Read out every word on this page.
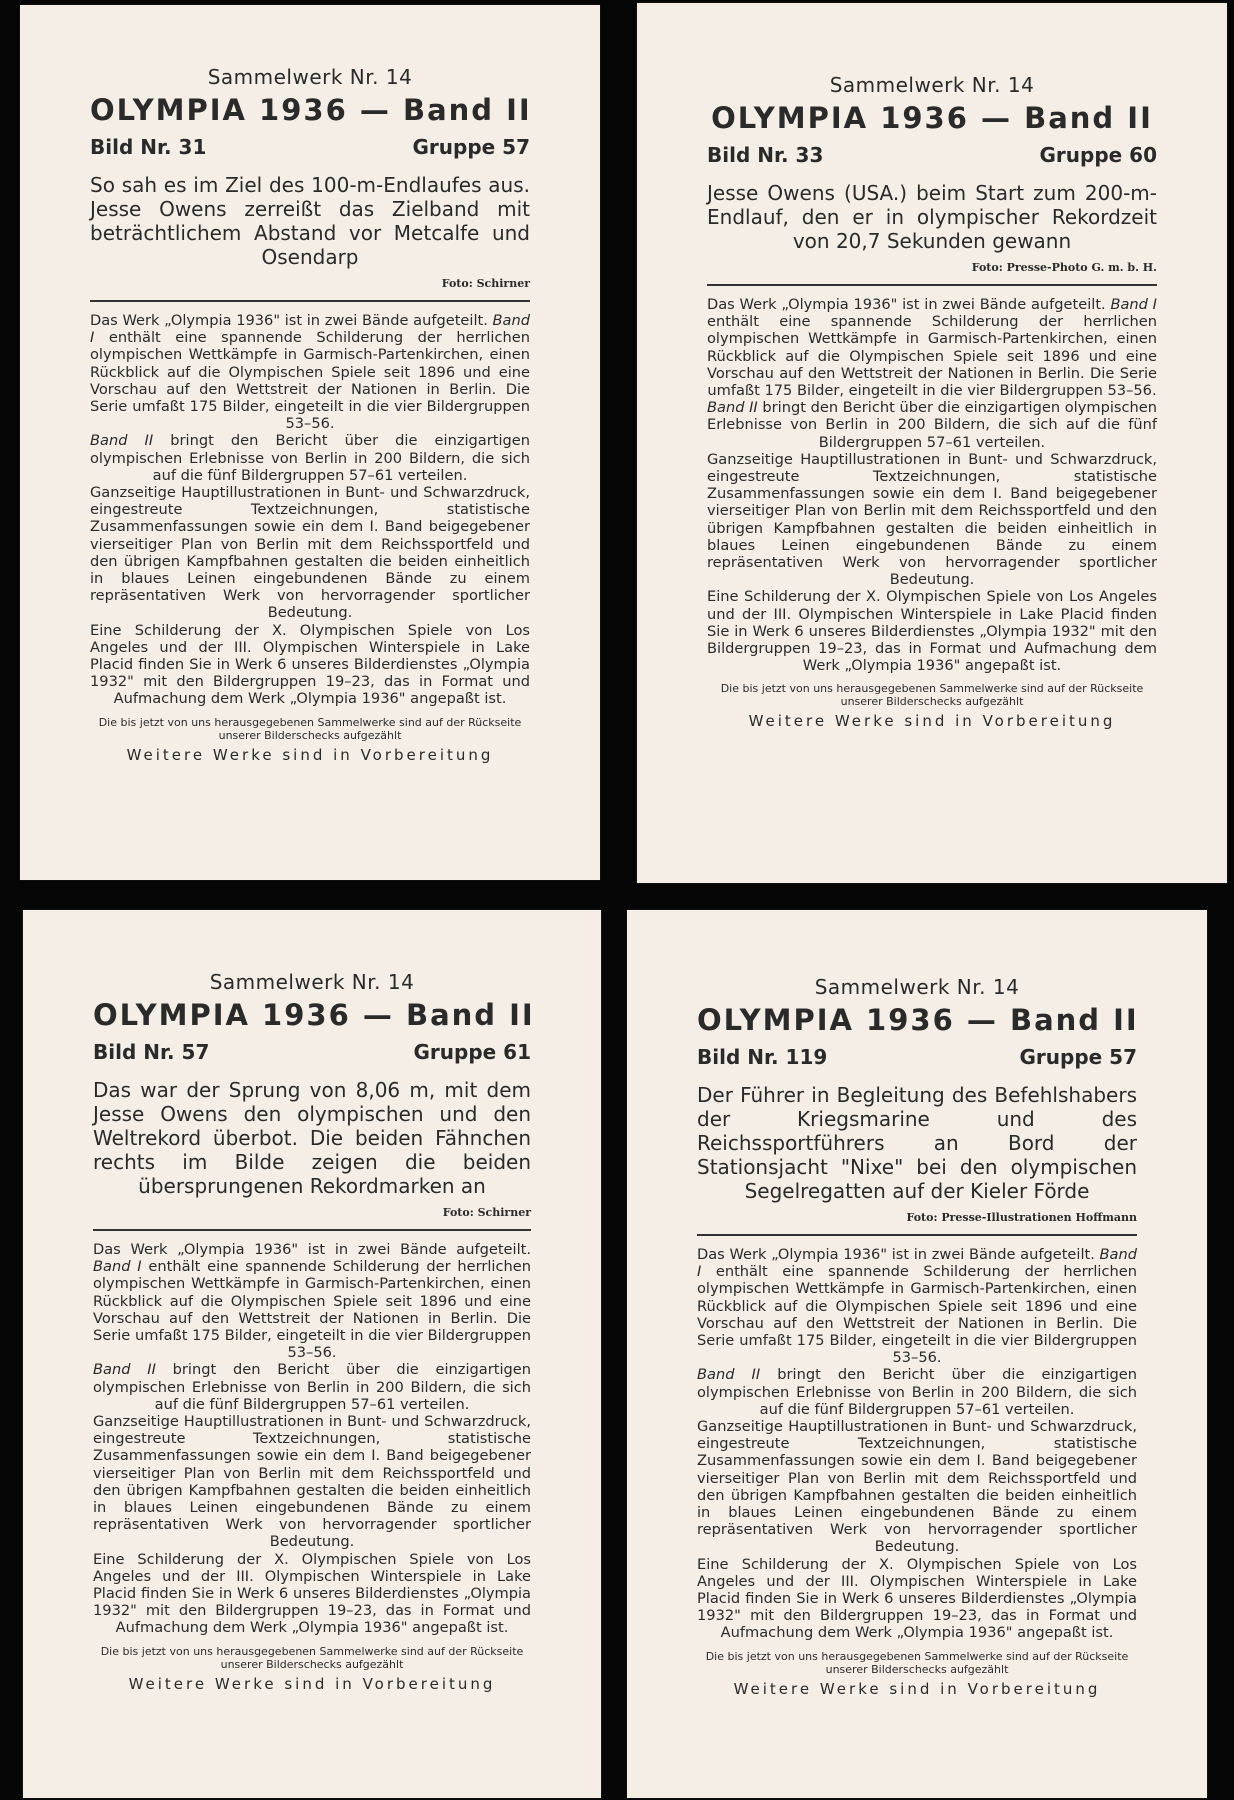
Sammelwerk Nr. 14

OLYMPIA 1936 — Band II

Bild Nr. 31	Gruppe 57

So sah es im Ziel des 100-m-Endlaufes aus. Jesse Owens zerreißt das Zielband mit beträchtlichem Abstand vor Metcalfe und Osendarp

Foto: Schirner

Das Werk „Olympia 1936" ist in zwei Bände aufgeteilt. Band I enthält eine spannende Schilderung der herrlichen olympischen Wettkämpfe in Garmisch-Partenkirchen, einen Rückblick auf die Olympischen Spiele seit 1896 und eine Vorschau auf den Wettstreit der Nationen in Berlin. Die Serie umfaßt 175 Bilder, eingeteilt in die vier Bildergruppen 53–56.

Band II bringt den Bericht über die einzigartigen olympischen Erlebnisse von Berlin in 200 Bildern, die sich auf die fünf Bildergruppen 57–61 verteilen.

Ganzseitige Hauptillustrationen in Bunt- und Schwarzdruck, eingestreute Textzeichnungen, statistische Zusammenfassungen sowie ein dem I. Band beigegebener vierseitiger Plan von Berlin mit dem Reichssportfeld und den übrigen Kampfbahnen gestalten die beiden einheitlich in blaues Leinen eingebundenen Bände zu einem repräsentativen Werk von hervorragender sportlicher Bedeutung.

Eine Schilderung der X. Olympischen Spiele von Los Angeles und der III. Olympischen Winterspiele in Lake Placid finden Sie in Werk 6 unseres Bilderdienstes „Olympia 1932" mit den Bildergruppen 19–23, das in Format und Aufmachung dem Werk „Olympia 1936" angepaßt ist.

Die bis jetzt von uns herausgegebenen Sammelwerke sind auf der Rückseite unserer Bilderschecks aufgezählt

Weitere Werke sind in Vorbereitung

Sammelwerk Nr. 14

OLYMPIA 1936 — Band II

Bild Nr. 33	Gruppe 60

Jesse Owens (USA.) beim Start zum 200-m-Endlauf, den er in olympischer Rekordzeit von 20,7 Sekunden gewann

Foto: Presse-Photo G. m. b. H.

Das Werk „Olympia 1936" ist in zwei Bände aufgeteilt. Band I enthält eine spannende Schilderung der herrlichen olympischen Wettkämpfe in Garmisch-Partenkirchen, einen Rückblick auf die Olympischen Spiele seit 1896 und eine Vorschau auf den Wettstreit der Nationen in Berlin. Die Serie umfaßt 175 Bilder, eingeteilt in die vier Bildergruppen 53–56.

Band II bringt den Bericht über die einzigartigen olympischen Erlebnisse von Berlin in 200 Bildern, die sich auf die fünf Bildergruppen 57–61 verteilen.

Ganzseitige Hauptillustrationen in Bunt- und Schwarzdruck, eingestreute Textzeichnungen, statistische Zusammenfassungen sowie ein dem I. Band beigegebener vierseitiger Plan von Berlin mit dem Reichssportfeld und den übrigen Kampfbahnen gestalten die beiden einheitlich in blaues Leinen eingebundenen Bände zu einem repräsentativen Werk von hervorragender sportlicher Bedeutung.

Eine Schilderung der X. Olympischen Spiele von Los Angeles und der III. Olympischen Winterspiele in Lake Placid finden Sie in Werk 6 unseres Bilderdienstes „Olympia 1932" mit den Bildergruppen 19–23, das in Format und Aufmachung dem Werk „Olympia 1936" angepaßt ist.

Die bis jetzt von uns herausgegebenen Sammelwerke sind auf der Rückseite unserer Bilderschecks aufgezählt

Weitere Werke sind in Vorbereitung

Sammelwerk Nr. 14

OLYMPIA 1936 — Band II

Bild Nr. 57	Gruppe 61

Das war der Sprung von 8,06 m, mit dem Jesse Owens den olympischen und den Weltrekord überbot. Die beiden Fähnchen rechts im Bilde zeigen die beiden übersprungenen Rekordmarken an

Foto: Schirner

Das Werk „Olympia 1936" ist in zwei Bände aufgeteilt. Band I enthält eine spannende Schilderung der herrlichen olympischen Wettkämpfe in Garmisch-Partenkirchen, einen Rückblick auf die Olympischen Spiele seit 1896 und eine Vorschau auf den Wettstreit der Nationen in Berlin. Die Serie umfaßt 175 Bilder, eingeteilt in die vier Bildergruppen 53–56.

Band II bringt den Bericht über die einzigartigen olympischen Erlebnisse von Berlin in 200 Bildern, die sich auf die fünf Bildergruppen 57–61 verteilen.

Ganzseitige Hauptillustrationen in Bunt- und Schwarzdruck, eingestreute Textzeichnungen, statistische Zusammenfassungen sowie ein dem I. Band beigegebener vierseitiger Plan von Berlin mit dem Reichssportfeld und den übrigen Kampfbahnen gestalten die beiden einheitlich in blaues Leinen eingebundenen Bände zu einem repräsentativen Werk von hervorragender sportlicher Bedeutung.

Eine Schilderung der X. Olympischen Spiele von Los Angeles und der III. Olympischen Winterspiele in Lake Placid finden Sie in Werk 6 unseres Bilderdienstes „Olympia 1932" mit den Bildergruppen 19–23, das in Format und Aufmachung dem Werk „Olympia 1936" angepaßt ist.

Die bis jetzt von uns herausgegebenen Sammelwerke sind auf der Rückseite unserer Bilderschecks aufgezählt

Weitere Werke sind in Vorbereitung

Sammelwerk Nr. 14

OLYMPIA 1936 — Band II

Bild Nr. 119	Gruppe 57

Der Führer in Begleitung des Befehlshabers der Kriegsmarine und des Reichssportführers an Bord der Stationsjacht "Nixe" bei den olympischen Segelregatten auf der Kieler Förde

Foto: Presse-Illustrationen Hoffmann

Das Werk „Olympia 1936" ist in zwei Bände aufgeteilt. Band I enthält eine spannende Schilderung der herrlichen olympischen Wettkämpfe in Garmisch-Partenkirchen, einen Rückblick auf die Olympischen Spiele seit 1896 und eine Vorschau auf den Wettstreit der Nationen in Berlin. Die Serie umfaßt 175 Bilder, eingeteilt in die vier Bildergruppen 53–56.

Band II bringt den Bericht über die einzigartigen olympischen Erlebnisse von Berlin in 200 Bildern, die sich auf die fünf Bildergruppen 57–61 verteilen.

Ganzseitige Hauptillustrationen in Bunt- und Schwarzdruck, eingestreute Textzeichnungen, statistische Zusammenfassungen sowie ein dem I. Band beigegebener vierseitiger Plan von Berlin mit dem Reichssportfeld und den übrigen Kampfbahnen gestalten die beiden einheitlich in blaues Leinen eingebundenen Bände zu einem repräsentativen Werk von hervorragender sportlicher Bedeutung.

Eine Schilderung der X. Olympischen Spiele von Los Angeles und der III. Olympischen Winterspiele in Lake Placid finden Sie in Werk 6 unseres Bilderdienstes „Olympia 1932" mit den Bildergruppen 19–23, das in Format und Aufmachung dem Werk „Olympia 1936" angepaßt ist.

Die bis jetzt von uns herausgegebenen Sammelwerke sind auf der Rückseite unserer Bilderschecks aufgezählt

Weitere Werke sind in Vorbereitung
